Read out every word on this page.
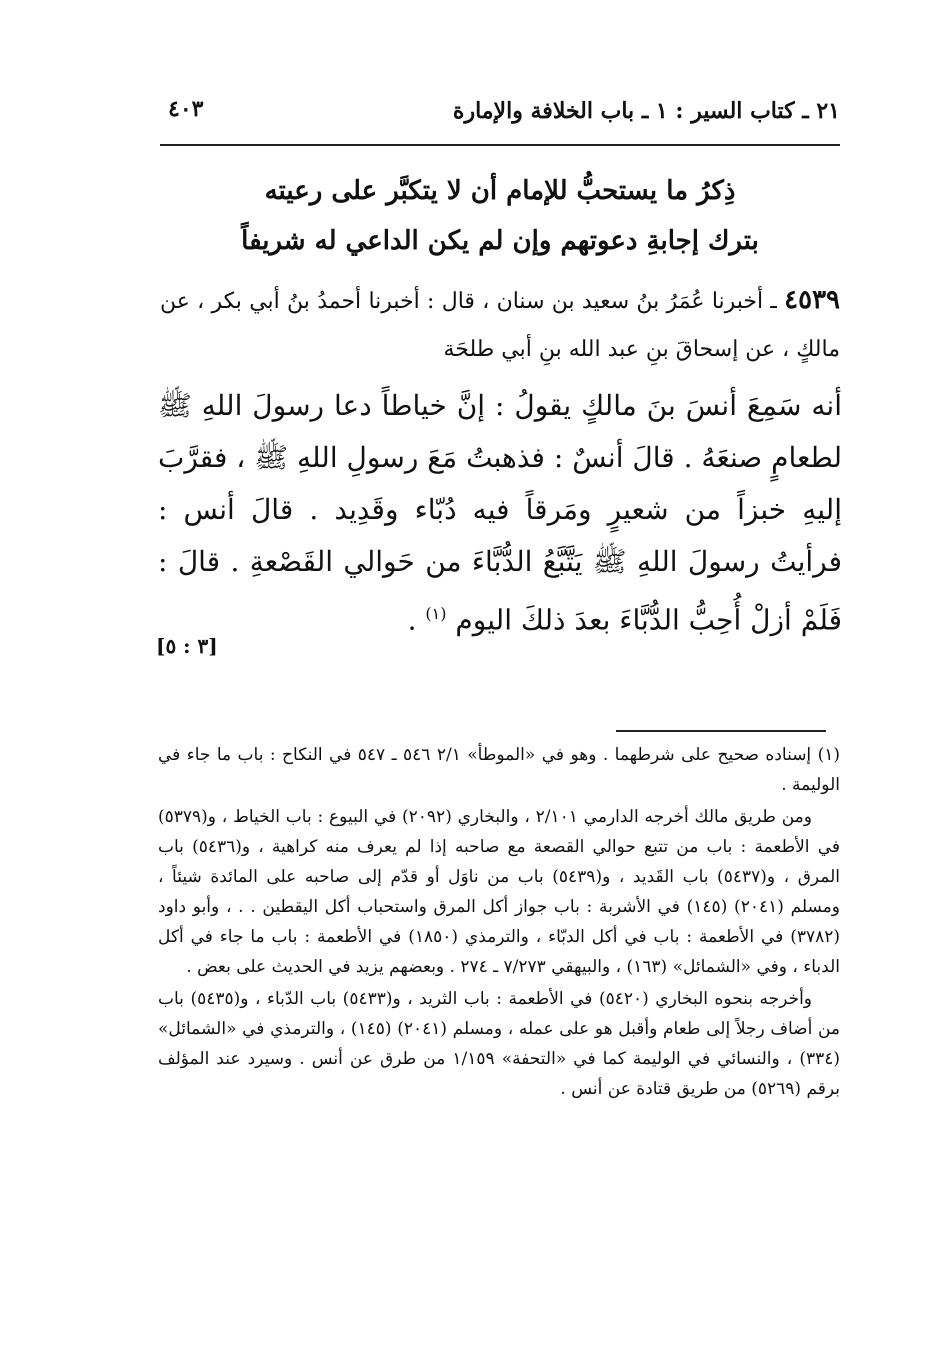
٢١ ـ كتاب السير : ١ ـ باب الخلافة والإمارة
٤٠٣
ذِكرُ ما يستحبُّ للإمام أن لا يتكبَّر على رعيته
بترك إجابةِ دعوتهم وإن لم يكن الداعي له شريفاً
٤٥٣٩ ـ أخبرنا عُمَرُ بنُ سعيد بن سنان ، قال : أخبرنا أحمدُ بنُ أبي بكر ، عن مالكٍ ، عن إسحاقَ بنِ عبد الله بنِ أبي طلحَة
أنه سَمِعَ أنسَ بنَ مالكٍ يقولُ : إنَّ خياطاً دعا رسولَ اللهِ ﷺ لطعامٍ صنعَهُ . قالَ أنسٌ : فذهبتُ مَعَ رسولِ اللهِ ﷺ ، فقرَّبَ إليهِ خبزاً من شعيرٍ ومَرقاً فيه دُبّاء وقَدِيد . قالَ أنس : فرأيتُ رسولَ اللهِ ﷺ يَتَّبَّعُ الدُّبَّاءَ من حَوالي القَصْعةِ . قالَ : فَلَمْ أزلْ أُحِبُّ الدُّبَّاءَ بعدَ ذلكَ اليوم $^{(١)}$ .
[٣ : ٥]

(١) إسناده صحيح على شرطهما . وهو في «الموطأ» ٢/١ ٥٤٦ ـ ٥٤٧ في النكاح : باب ما جاء في الوليمة .

ومن طريق مالك أخرجه الدارمي ٢/١٠١ ، والبخاري (٢٠٩٢) في البيوع : باب الخياط ، و(٥٣٧٩) في الأطعمة : باب من تتبع حوالي القصعة مع صاحبه إذا لم يعرف منه كراهية ، و(٥٤٣٦) باب المرق ، و(٥٤٣٧) باب القَديد ، و(٥٤٣٩) باب من ناوَل أو قدّم إلى صاحبه على المائدة شيئاً ، ومسلم (٢٠٤١) (١٤٥) في الأشربة : باب جواز أكل المرق واستحباب أكل اليقطين . . ، وأبو داود (٣٧٨٢) في الأطعمة : باب في أكل الدبّاء ، والترمذي (١٨٥٠) في الأطعمة : باب ما جاء في أكل الدباء ، وفي «الشمائل» (١٦٣) ، والبيهقي ٧/٢٧٣ ـ ٢٧٤ . وبعضهم يزيد في الحديث على بعض .

وأخرجه بنحوه البخاري (٥٤٢٠) في الأطعمة : باب الثريد ، و(٥٤٣٣) باب الدّباء ، و(٥٤٣٥) باب من أضاف رجلاً إلى طعام وأقبل هو على عمله ، ومسلم (٢٠٤١) (١٤٥) ، والترمذي في «الشمائل» (٣٣٤) ، والنسائي في الوليمة كما في «التحفة» ١/١٥٩ من طرق عن أنس . وسيرد عند المؤلف برقم (٥٢٦٩) من طريق قتادة عن أنس .
